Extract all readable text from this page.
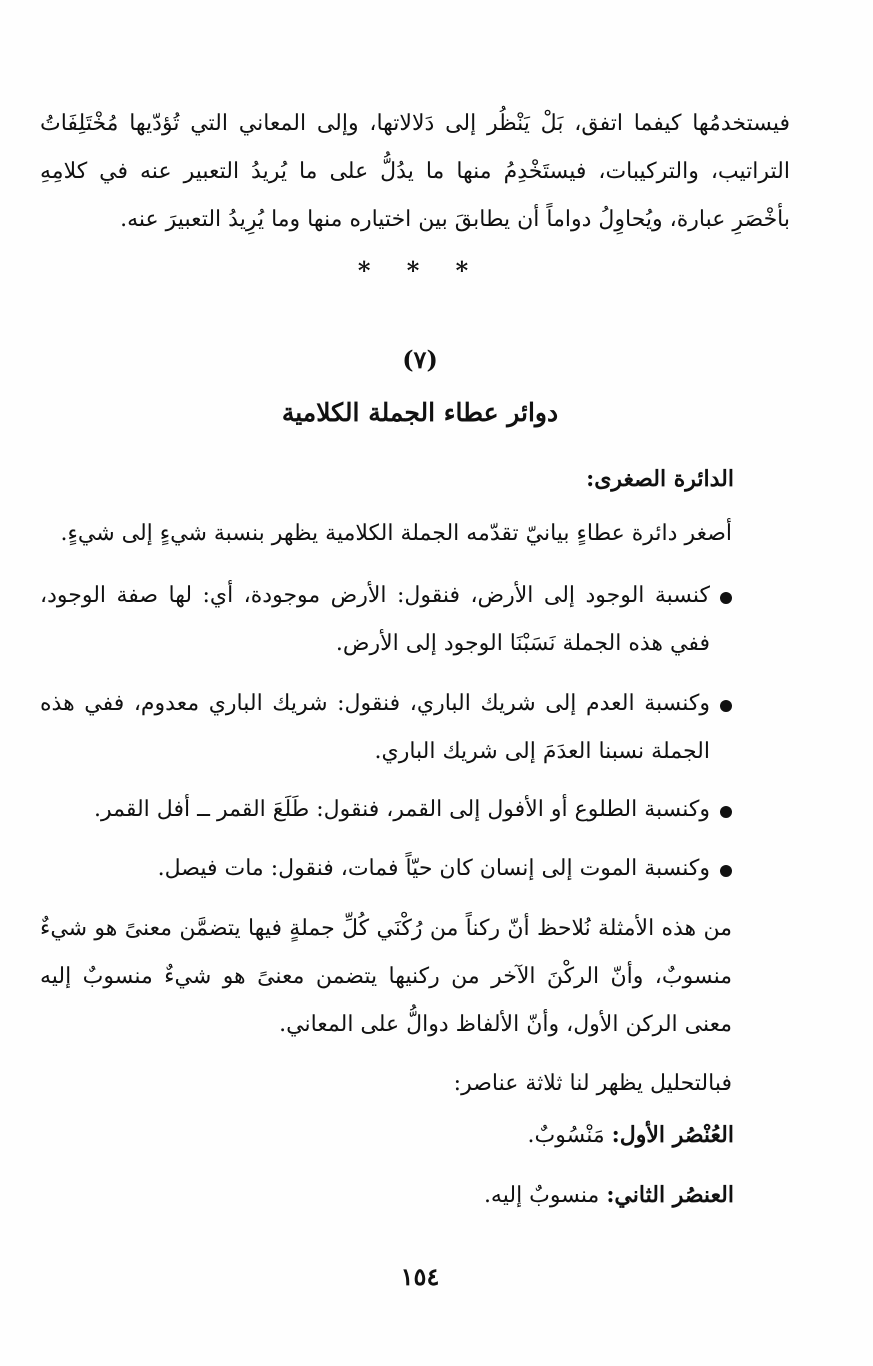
فيستخدمُها كيفما اتفق، بَلْ يَنْظُر إلى دَلالاتها، وإلى المعاني التي تُؤدّيها مُخْتَلِفَاتُ التراتيب، والتركيبات، فيستَخْدِمُ منها ما يدُلُّ على ما يُريدُ التعبير عنه في كلامِهِ بأخْصَرِ عبارة، ويُحاوِلُ دواماً أن يطابقَ بين اختياره منها وما يُرِيدُ التعبيرَ عنه.
* * *
(٧)
دوائر عطاء الجملة الكلامية
الدائرة الصغرى:

أصغر دائرة عطاءٍ بيانيّ تقدّمه الجملة الكلامية يظهر بنسبة شيءٍ إلى شيءٍ.

كنسبة الوجود إلى الأرض، فنقول: الأرض موجودة، أي: لها صفة الوجود، ففي هذه الجملة نَسَبْنَا الوجود إلى الأرض.
وكنسبة العدم إلى شريك الباري، فنقول: شريك الباري معدوم، ففي هذه الجملة نسبنا العدَمَ إلى شريك الباري.
وكنسبة الطلوع أو الأفول إلى القمر، فنقول: طَلَعَ القمر ــ أفل القمر.
وكنسبة الموت إلى إنسان كان حيّاً فمات، فنقول: مات فيصل.

من هذه الأمثلة نُلاحظ أنّ ركناً من رُكْنَي كُلِّ جملةٍ فيها يتضمَّن معنىً هو شيءٌ منسوبٌ، وأنّ الركْنَ الآخر من ركنيها يتضمن معنىً هو شيءٌ منسوبٌ إليه معنى الركن الأول، وأنّ الألفاظ دوالُّ على المعاني.

فبالتحليل يظهر لنا ثلاثة عناصر:

العُنْصُر الأول: مَنْسُوبٌ.
العنصُر الثاني: منسوبٌ إليه.
١٥٤
